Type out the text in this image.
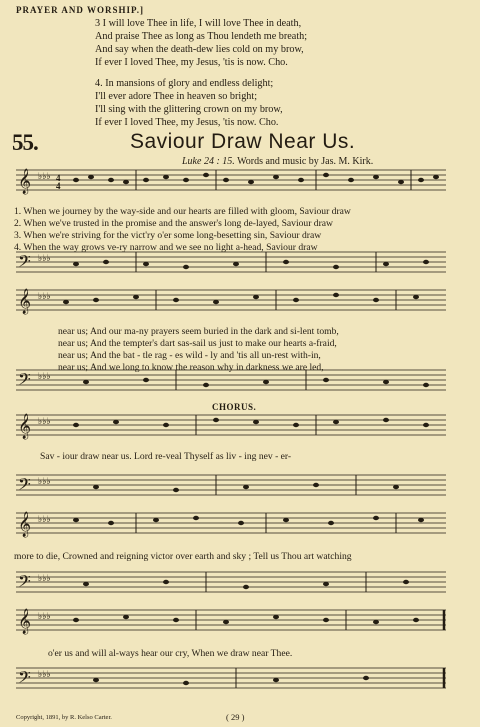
PRAYER AND WORSHIP.]
3 I will love Thee in life, I will love Thee in death,
And praise Thee as long as Thou lendeth me breath;
And say when the death-dew lies cold on my brow,
If ever I loved Thee, my Jesus, 'tis is now. Cho.
4. In mansions of glory and endless delight;
I'll ever adore Thee in heaven so bright;
I'll sing with the glittering crown on my brow,
If ever I loved Thee, my Jesus, 'tis now. Cho.
55.	Saviour Draw Near Us.
Luke 24 : 15. Words and music by Jas. M. Kirk.
𝄞 ♭♭♭ 4
4
𝄢 ♭♭♭
𝄞 ♭♭♭
𝄢 ♭♭♭
𝄞 ♭♭♭
𝄢 ♭♭♭
𝄞 ♭♭♭
𝄢 ♭♭♭
𝄞 ♭♭♭
𝄢 ♭♭♭
1. When we journey by the way-side and our hearts are filled with gloom, Saviour draw
2. When we've trusted in the promise and the answer's long de-layed, Saviour draw
3. When we're striving for the vict'ry o'er some long-besetting sin, Saviour draw
4. When the way grows ve-ry narrow and we see no light a-head, Saviour draw
near us; And our ma-ny prayers seem buried in the dark and si-lent tomb,
near us; And the tempter's dart sas-sail us just to make our hearts a-fraid,
near us; And the bat - tle rag - es wild - ly and 'tis all un-rest with-in,
near us; And we long to know the reason why in darkness we are led,
CHORUS.
Sav - iour draw near us. Lord re-veal Thyself as liv - ing nev - er-
more to die, Crowned and reigning victor over earth and sky ; Tell us Thou art watching
o'er us and will al-ways hear our cry, When we draw near Thee.
Copyright, 1891, by R. Kelso Carter.	( 29 )
